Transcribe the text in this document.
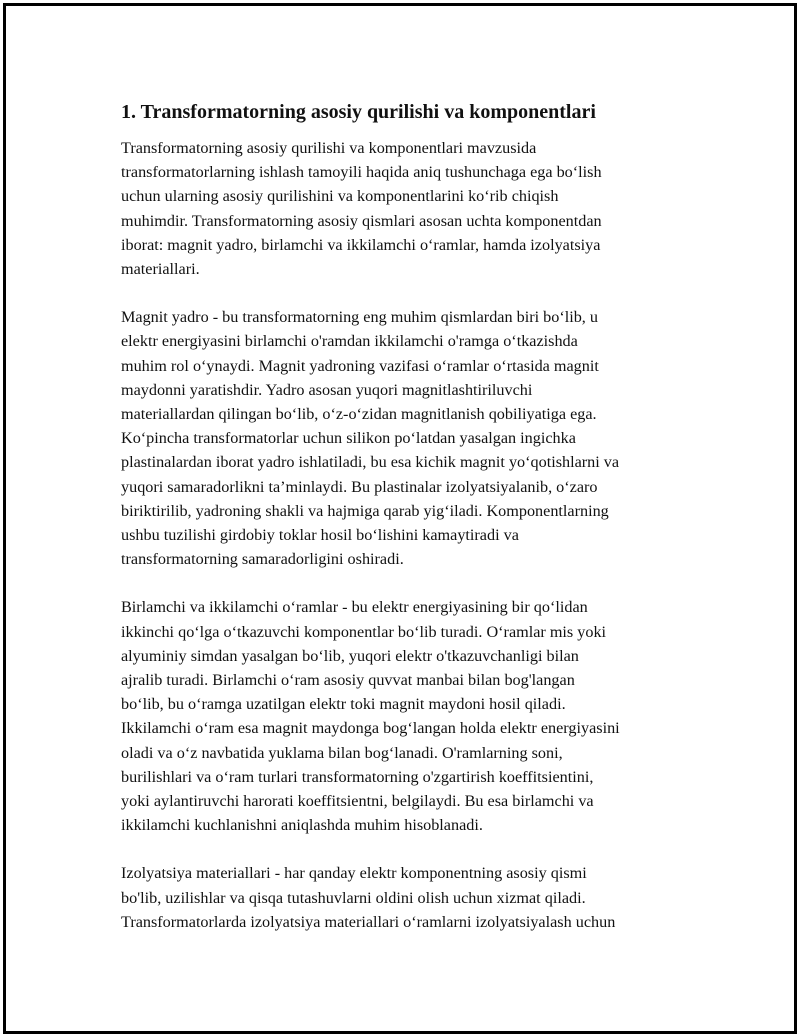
1. Transformatorning asosiy qurilishi va komponentlari

Transformatorning asosiy qurilishi va komponentlari mavzusida
transformatorlarning ishlash tamoyili haqida aniq tushunchaga ega bo‘lish
uchun ularning asosiy qurilishini va komponentlarini ko‘rib chiqish
muhimdir. Transformatorning asosiy qismlari asosan uchta komponentdan
iborat: magnit yadro, birlamchi va ikkilamchi o‘ramlar, hamda izolyatsiya
materiallari.

Magnit yadro - bu transformatorning eng muhim qismlardan biri bo‘lib, u
elektr energiyasini birlamchi o'ramdan ikkilamchi o'ramga o‘tkazishda
muhim rol o‘ynaydi. Magnit yadroning vazifasi o‘ramlar o‘rtasida magnit
maydonni yaratishdir. Yadro asosan yuqori magnitlashtiriluvchi
materiallardan qilingan bo‘lib, o‘z-o‘zidan magnitlanish qobiliyatiga ega.
Ko‘pincha transformatorlar uchun silikon po‘latdan yasalgan ingichka
plastinalardan iborat yadro ishlatiladi, bu esa kichik magnit yo‘qotishlarni va
yuqori samaradorlikni ta’minlaydi. Bu plastinalar izolyatsiyalanib, o‘zaro
biriktirilib, yadroning shakli va hajmiga qarab yig‘iladi. Komponentlarning
ushbu tuzilishi girdobiy toklar hosil bo‘lishini kamaytiradi va
transformatorning samaradorligini oshiradi.

Birlamchi va ikkilamchi o‘ramlar - bu elektr energiyasining bir qo‘lidan
ikkinchi qo‘lga o‘tkazuvchi komponentlar bo‘lib turadi. O‘ramlar mis yoki
alyuminiy simdan yasalgan bo‘lib, yuqori elektr o'tkazuvchanligi bilan
ajralib turadi. Birlamchi o‘ram asosiy quvvat manbai bilan bog'langan
bo‘lib, bu o‘ramga uzatilgan elektr toki magnit maydoni hosil qiladi.
Ikkilamchi o‘ram esa magnit maydonga bog‘langan holda elektr energiyasini
oladi va o‘z navbatida yuklama bilan bog‘lanadi. O'ramlarning soni,
burilishlari va o‘ram turlari transformatorning o'zgartirish koeffitsientini,
yoki aylantiruvchi harorati koeffitsientni, belgilaydi. Bu esa birlamchi va
ikkilamchi kuchlanishni aniqlashda muhim hisoblanadi.

Izolyatsiya materiallari - har qanday elektr komponentning asosiy qismi
bo'lib, uzilishlar va qisqa tutashuvlarni oldini olish uchun xizmat qiladi.
Transformatorlarda izolyatsiya materiallari o‘ramlarni izolyatsiyalash uchun
